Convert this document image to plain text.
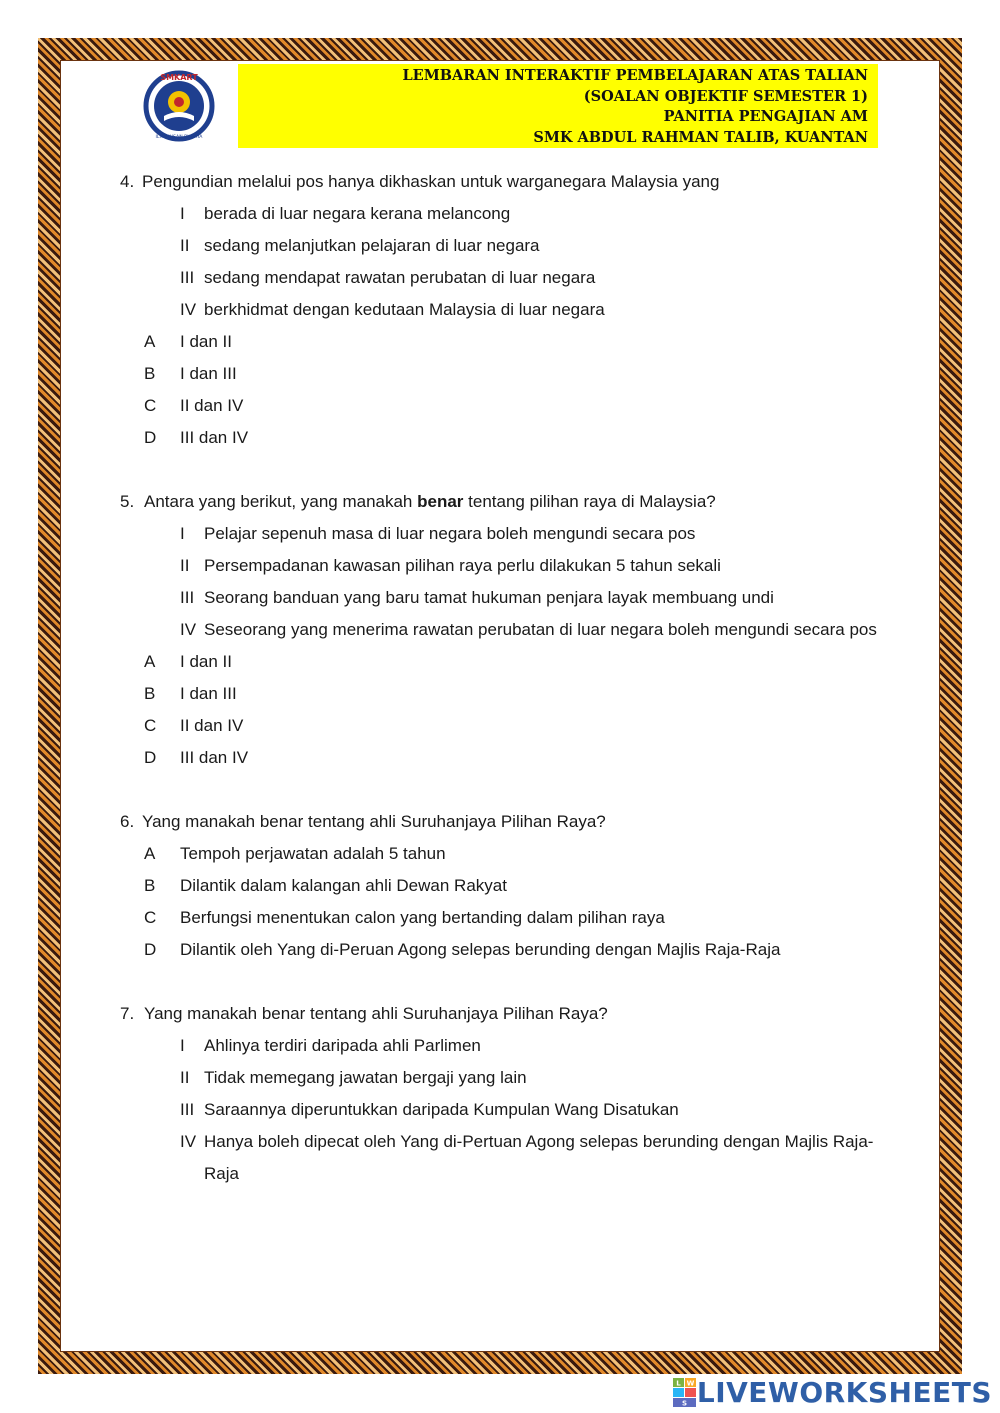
SMKART
ILMU IHSAN BUDAYA
LEMBARAN INTERAKTIF PEMBELAJARAN ATAS TALIAN
(SOALAN OBJEKTIF SEMESTER 1)
PANITIA PENGAJIAN AM
SMK ABDUL RAHMAN TALIB, KUANTAN
4. Pengundian melalui pos hanya dikhaskan untuk warganegara Malaysia yang
I	berada di luar negara kerana melancong
II sedang melanjutkan pelajaran di luar negara
III sedang mendapat rawatan perubatan di luar negara
IV berkhidmat dengan kedutaan Malaysia di luar negara
A	I dan II
B	I dan III
C	II dan IV
D	III dan IV
5. Antara yang berikut, yang manakah benar tentang pilihan raya di Malaysia?
I	Pelajar sepenuh masa di luar negara boleh mengundi secara pos
II Persempadanan kawasan pilihan raya perlu dilakukan 5 tahun sekali
III Seorang banduan yang baru tamat hukuman penjara layak membuang undi
IV Seseorang yang menerima rawatan perubatan di luar negara boleh mengundi secara pos
A	I dan II
B	I dan III
C	II dan IV
D	III dan IV
6. Yang manakah benar tentang ahli Suruhanjaya Pilihan Raya?
A	Tempoh perjawatan adalah 5 tahun
B	Dilantik dalam kalangan ahli Dewan Rakyat
C	Berfungsi menentukan calon yang bertanding dalam pilihan raya
D	Dilantik oleh Yang di-Peruan Agong selepas berunding dengan Majlis Raja-Raja
7. Yang manakah benar tentang ahli Suruhanjaya Pilihan Raya?
I	Ahlinya terdiri daripada ahli Parlimen
II Tidak memegang jawatan bergaji yang lain
III Saraannya diperuntukkan daripada Kumpulan Wang Disatukan
IV Hanya boleh dipecat oleh Yang di-Pertuan Agong selepas berunding dengan Majlis Raja-Raja
L W
S LIVEWORKSHEETS
